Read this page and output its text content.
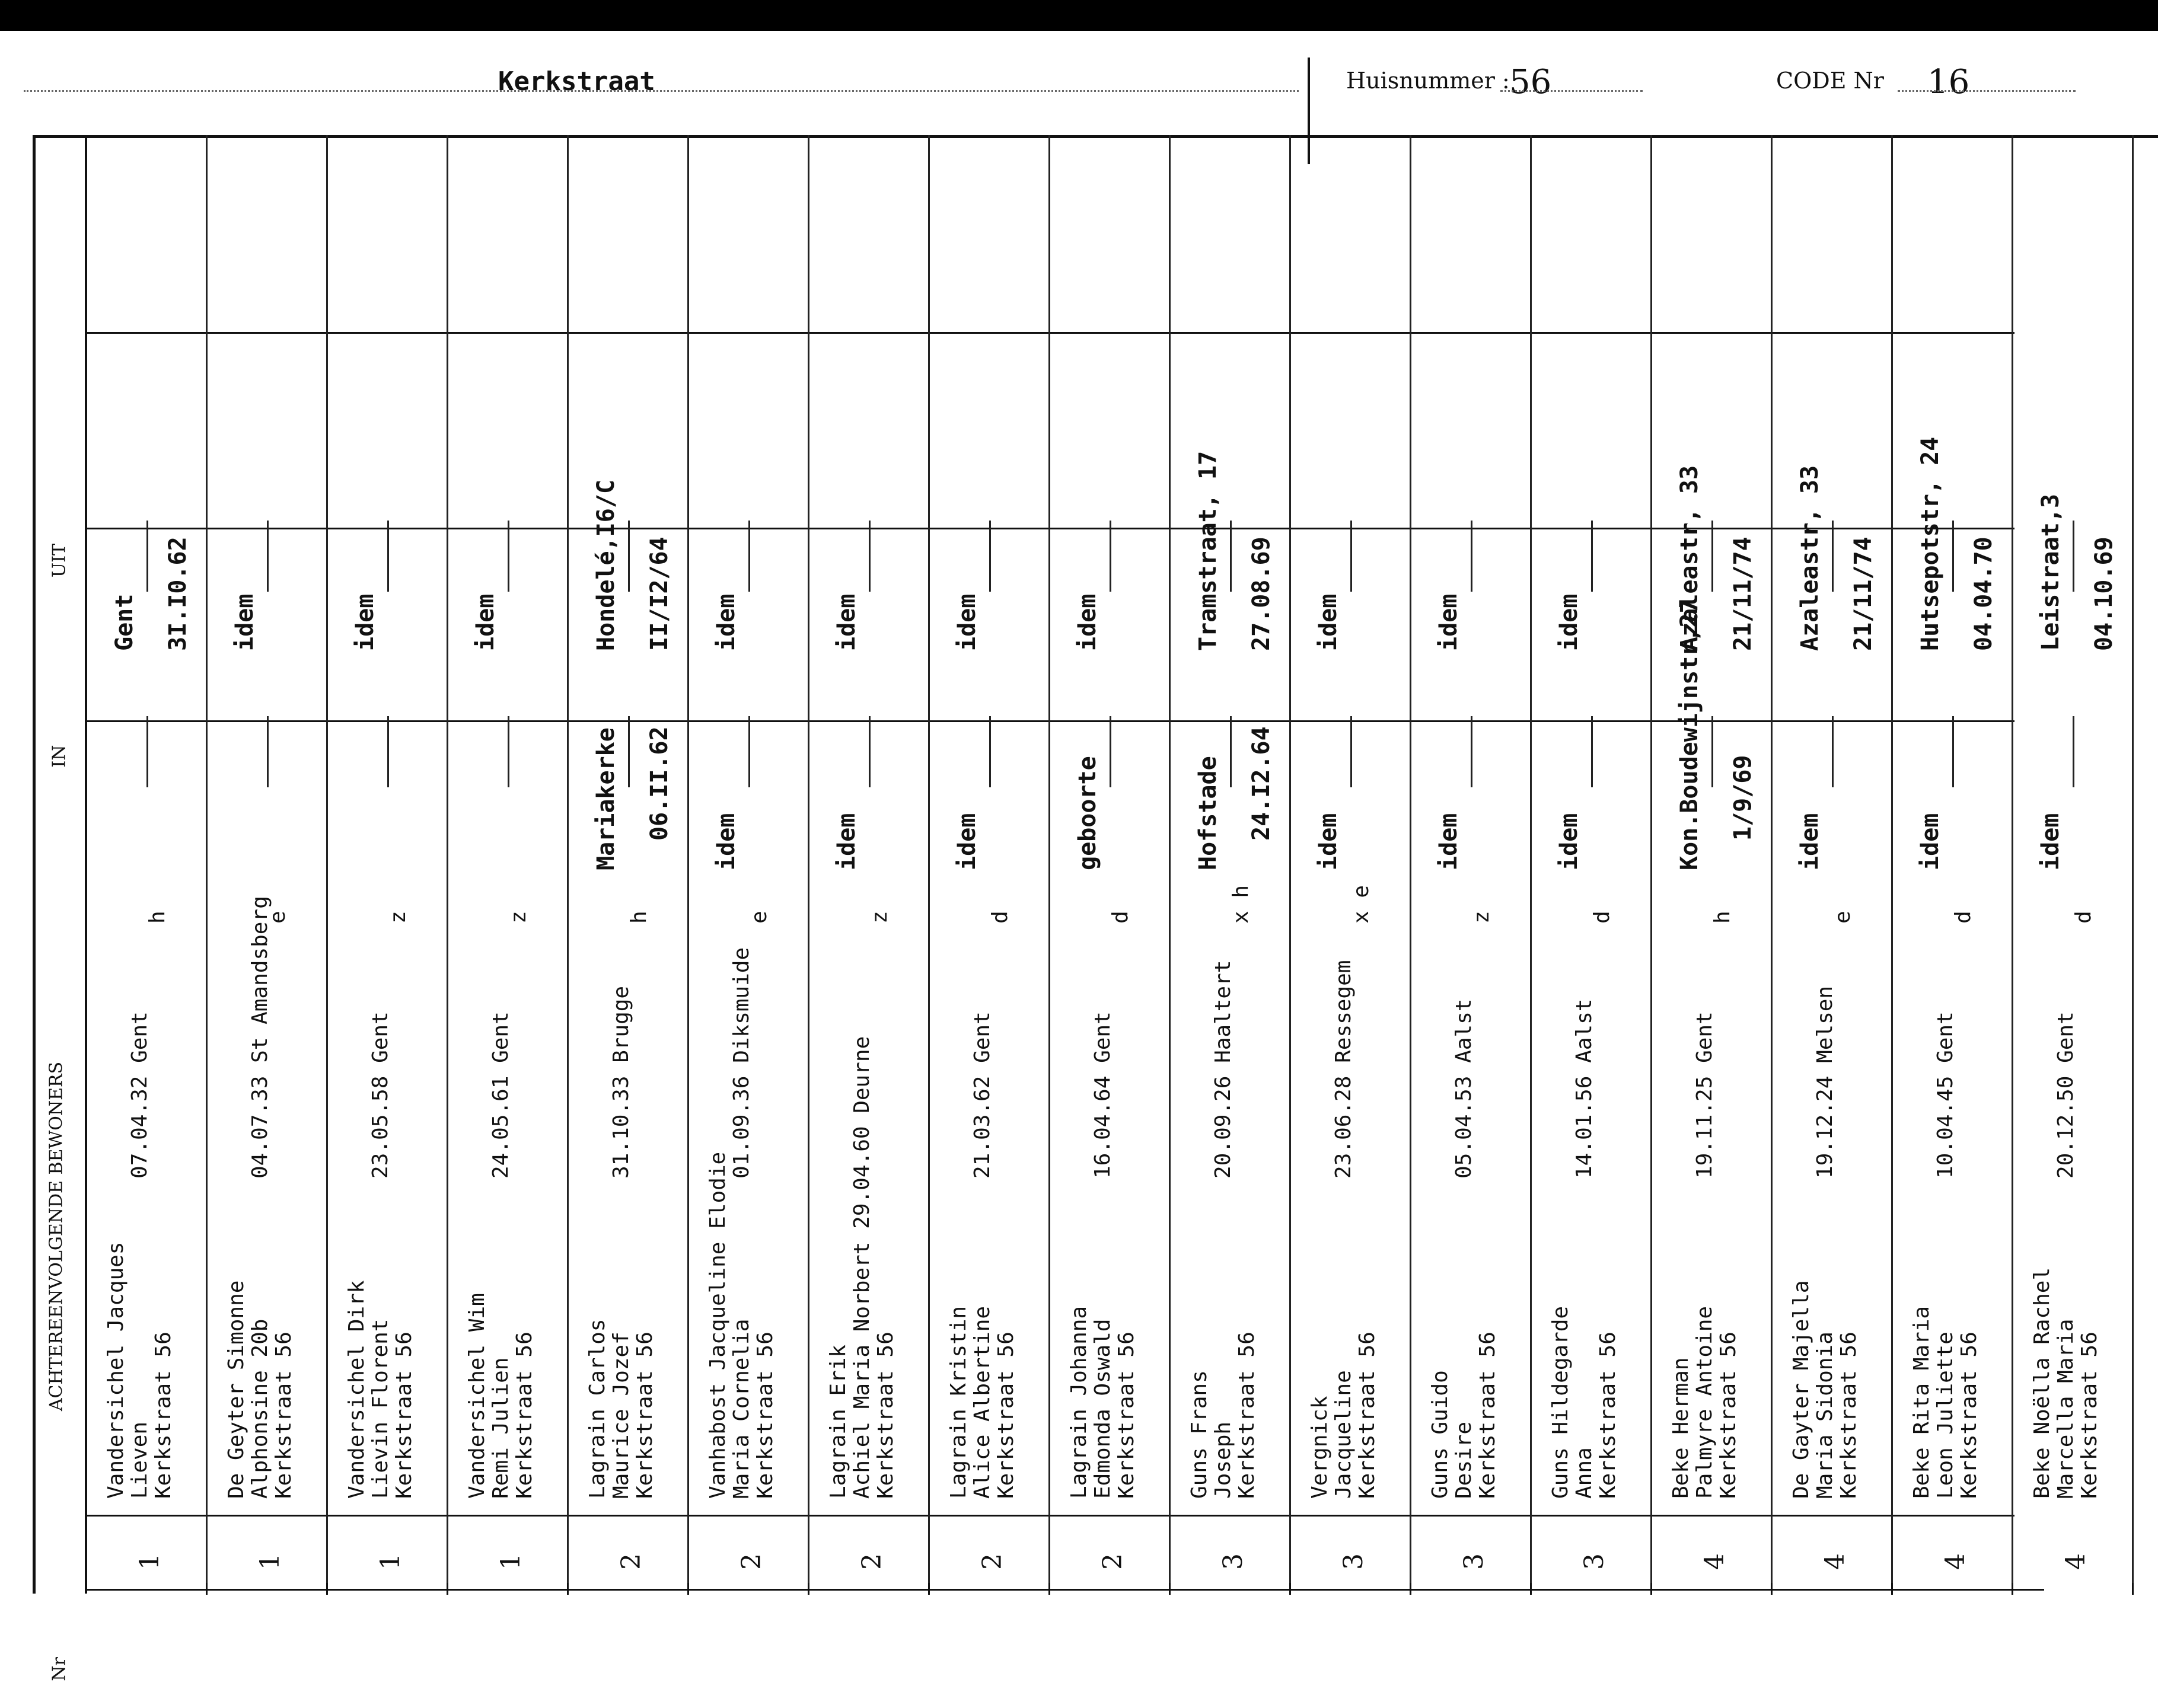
Kerkstraat	Huisnummer : 56	CODE Nr 16
Nr
ACHTEREENVOLGENDE BEWONERS
IN
UIT
1
Vandersichel Jacques Lieven Kerkstraat 56
07.04.32 Gent
h
Gent 3I.I0.62
1
De Geyter Simonne Alphonsine 20b Kerkstraat 56
04.07.33 St Amandsberg
e
idem
1
Vandersichel Dirk Lievin Florent Kerkstraat 56
23.05.58 Gent
z
idem
1
Vandersichel Wim Remi Julien Kerkstraat 56
24.05.61 Gent
z
idem
2
Lagrain Carlos Maurice Jozef Kerkstraat 56
31.10.33 Brugge
h
Mariakerke 06.II.62
Hondelé,I6/C II/I2/64
2
Vanhabost Jacqueline Elodie Maria Cornelia Kerkstraat 56
01.09.36 Diksmuide
e
idem
idem
2
Lagrain Erik Achiel Maria Norbert 29.04.60 Deurne Kerkstraat 56
z
idem
idem
2
Lagrain Kristin Alice Albertine Kerkstraat 56
21.03.62 Gent
d
idem
idem
2
Lagrain Johanna Edmonda Oswald Kerkstraat 56
16.04.64 Gent
d
geboorte
idem
3
Guns Frans Joseph Kerkstraat 56
20.09.26 Haaltert
x h
Hofstade 24.I2.64
Tramstraat, 17 27.08.69
3
Vergnick Jacqueline Kerkstraat 56
23.06.28 Ressegem
x e
idem
idem
3
Guns Guido Desire Kerkstraat 56
05.04.53 Aalst
z
idem
idem
3
Guns Hildegarde Anna Kerkstraat 56
14.01.56 Aalst
d
idem
idem
4
Beke Herman Palmyre Antoine Kerkstraat 56
19.11.25 Gent
h
Kon.Boudewijnstr,27 1/9/69
Azaleastr, 33 21/11/74
4
De Gayter Majella Maria Sidonia Kerkstraat 56
19.12.24 Melsen
e
idem
Azaleastr, 33 21/11/74
4
Beke Rita Maria Leon Juliette Kerkstraat 56
10.04.45 Gent
d
idem
Hutsepotstr, 24 04.04.70
4
Beke Noëlla Rachel Marcella Maria Kerkstraat 56
20.12.50 Gent
d
idem
Leistraat,3 04.10.69
